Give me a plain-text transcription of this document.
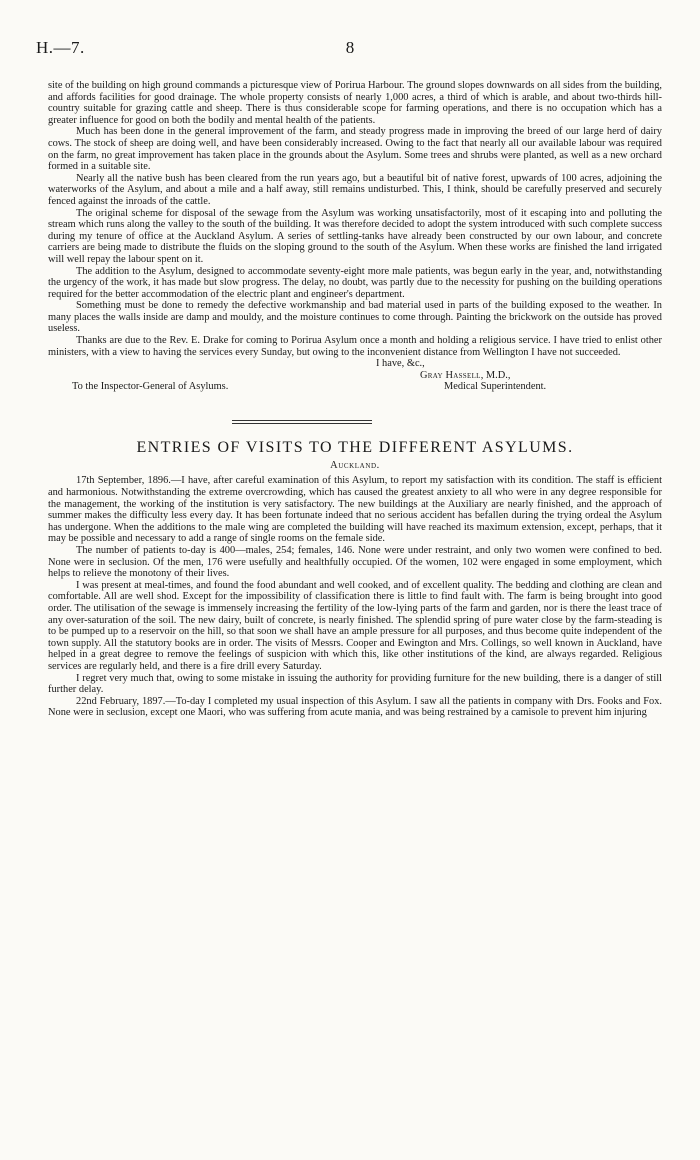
H.—7.	8

site of the building on high ground commands a picturesque view of Porirua Harbour. The ground slopes downwards on all sides from the building, and affords facilities for good drainage. The whole property consists of nearly 1,000 acres, a third of which is arable, and about two-thirds hill-country suitable for grazing cattle and sheep. There is thus considerable scope for farming operations, and there is no occupation which has a greater influence for good on both the bodily and mental health of the patients.

Much has been done in the general improvement of the farm, and steady progress made in improving the breed of our large herd of dairy cows. The stock of sheep are doing well, and have been considerably increased. Owing to the fact that nearly all our available labour was required on the farm, no great improvement has taken place in the grounds about the Asylum. Some trees and shrubs were planted, as well as a new orchard formed in a suitable site.

Nearly all the native bush has been cleared from the run years ago, but a beautiful bit of native forest, upwards of 100 acres, adjoining the waterworks of the Asylum, and about a mile and a half away, still remains undisturbed. This, I think, should be carefully preserved and securely fenced against the inroads of the cattle.

The original scheme for disposal of the sewage from the Asylum was working unsatisfactorily, most of it escaping into and polluting the stream which runs along the valley to the south of the building. It was therefore decided to adopt the system introduced with such complete success during my tenure of office at the Auckland Asylum. A series of settling-tanks have already been constructed by our own labour, and concrete carriers are being made to distribute the fluids on the sloping ground to the south of the Asylum. When these works are finished the land irrigated will well repay the labour spent on it.

The addition to the Asylum, designed to accommodate seventy-eight more male patients, was begun early in the year, and, notwithstanding the urgency of the work, it has made but slow progress. The delay, no doubt, was partly due to the necessity for pushing on the building operations required for the better accommodation of the electric plant and engineer's department.

Something must be done to remedy the defective workmanship and bad material used in parts of the building exposed to the weather. In many places the walls inside are damp and mouldy, and the moisture continues to come through. Painting the brickwork on the outside has proved useless.

Thanks are due to the Rev. E. Drake for coming to Porirua Asylum once a month and holding a religious service. I have tried to enlist other ministers, with a view to having the services every Sunday, but owing to the inconvenient distance from Wellington I have not succeeded.

I have, &c.,
Gray Hassell, M.D.,
To the Inspector-General of Asylums.	Medical Superintendent.
ENTRIES OF VISITS TO THE DIFFERENT ASYLUMS.
Auckland.

17th September, 1896.—I have, after careful examination of this Asylum, to report my satisfaction with its condition. The staff is efficient and harmonious. Notwithstanding the extreme overcrowding, which has caused the greatest anxiety to all who were in any degree responsible for the management, the working of the institution is very satisfactory. The new buildings at the Auxiliary are nearly finished, and the approach of summer makes the difficulty less every day. It has been fortunate indeed that no serious accident has befallen during the trying ordeal the Asylum has undergone. When the additions to the male wing are completed the building will have reached its maximum extension, except, perhaps, that it may be possible and necessary to add a range of single rooms on the female side.

The number of patients to-day is 400—males, 254; females, 146. None were under restraint, and only two women were confined to bed. None were in seclusion. Of the men, 176 were usefully and healthfully occupied. Of the women, 102 were engaged in some employment, which helps to relieve the monotony of their lives.

I was present at meal-times, and found the food abundant and well cooked, and of excellent quality. The bedding and clothing are clean and comfortable. All are well shod. Except for the impossibility of classification there is little to find fault with. The farm is being brought into good order. The utilisation of the sewage is immensely increasing the fertility of the low-lying parts of the farm and garden, nor is there the least trace of any over-saturation of the soil. The new dairy, built of concrete, is nearly finished. The splendid spring of pure water close by the farm-steading is to be pumped up to a reservoir on the hill, so that soon we shall have an ample pressure for all purposes, and thus become quite independent of the town supply. All the statutory books are in order. The visits of Messrs. Cooper and Ewington and Mrs. Collings, so well known in Auckland, have helped in a great degree to remove the feelings of suspicion with which this, like other institutions of the kind, are always regarded. Religious services are regularly held, and there is a fire drill every Saturday.

I regret very much that, owing to some mistake in issuing the authority for providing furniture for the new building, there is a danger of still further delay.

22nd February, 1897.—To-day I completed my usual inspection of this Asylum. I saw all the patients in company with Drs. Fooks and Fox. None were in seclusion, except one Maori, who was suffering from acute mania, and was being restrained by a camisole to prevent him injuring
